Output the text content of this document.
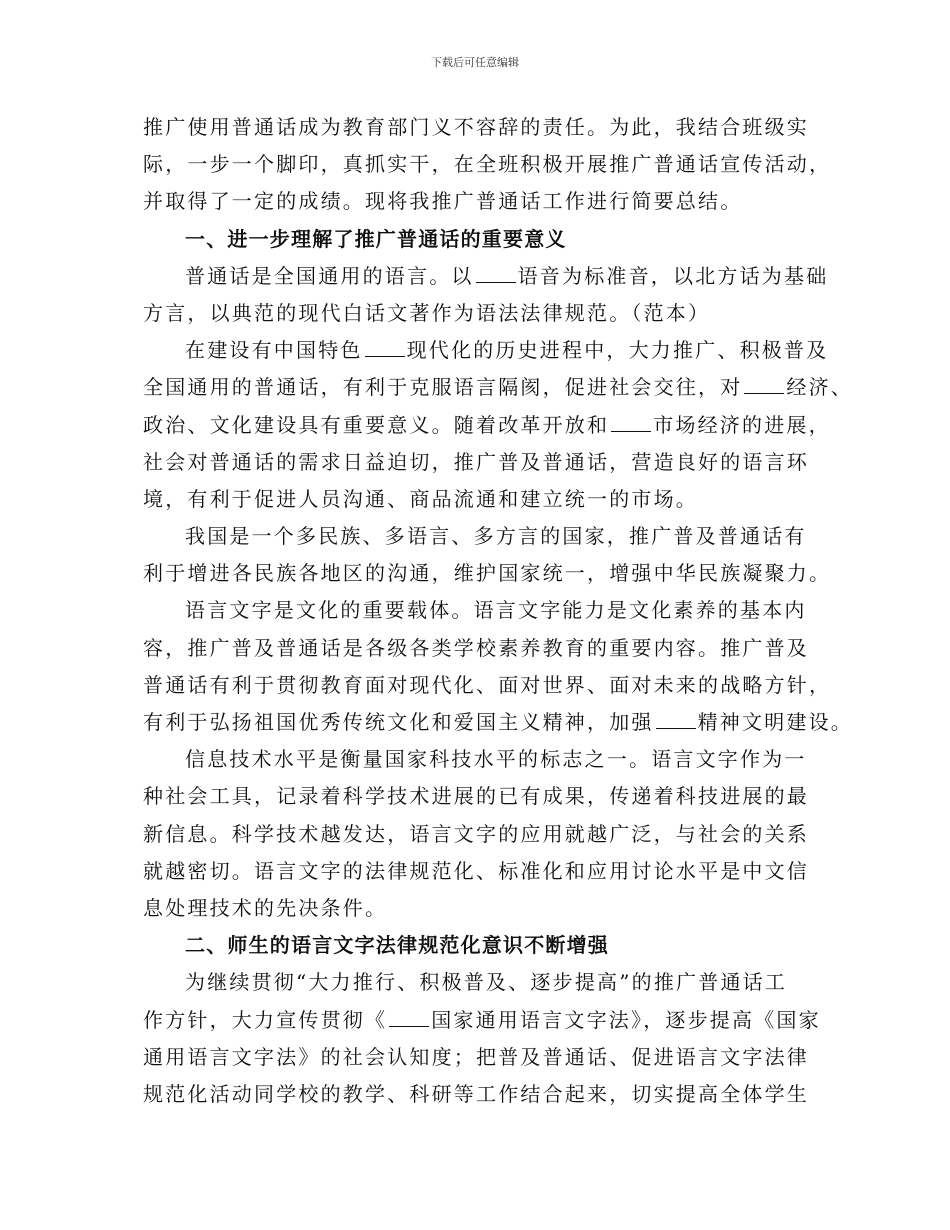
下载后可任意编辑
推广使用普通话成为教育部门义不容辞的责任。为此，我结合班级实
际，一步一个脚印，真抓实干，在全班积极开展推广普通话宣传活动，
并取得了一定的成绩。现将我推广普通话工作进行简要总结。
一、进一步理解了推广普通话的重要意义
普通话是全国通用的语言。以 语音为标准音，以北方话为基础
方言，以典范的现代白话文著作为语法法律规范。（范本）
在建设有中国特色 现代化的历史进程中，大力推广、积极普及
全国通用的普通话，有利于克服语言隔阂，促进社会交往，对 经济、
政治、文化建设具有重要意义。随着改革开放和 市场经济的进展，
社会对普通话的需求日益迫切，推广普及普通话，营造良好的语言环
境，有利于促进人员沟通、商品流通和建立统一的市场。
我国是一个多民族、多语言、多方言的国家，推广普及普通话有
利于增进各民族各地区的沟通，维护国家统一，增强中华民族凝聚力。
语言文字是文化的重要载体。语言文字能力是文化素养的基本内
容，推广普及普通话是各级各类学校素养教育的重要内容。推广普及
普通话有利于贯彻教育面对现代化、面对世界、面对未来的战略方针，
有利于弘扬祖国优秀传统文化和爱国主义精神，加强 精神文明建设。
信息技术水平是衡量国家科技水平的标志之一。语言文字作为一
种社会工具，记录着科学技术进展的已有成果，传递着科技进展的最
新信息。科学技术越发达，语言文字的应用就越广泛，与社会的关系
就越密切。语言文字的法律规范化、标准化和应用讨论水平是中文信
息处理技术的先决条件。
二、师生的语言文字法律规范化意识不断增强
为继续贯彻“大力推行、积极普及、逐步提高”的推广普通话工
作方针，大力宣传贯彻《 国家通用语言文字法》，逐步提高《国家
通用语言文字法》的社会认知度；把普及普通话、促进语言文字法律
规范化活动同学校的教学、科研等工作结合起来，切实提高全体学生
